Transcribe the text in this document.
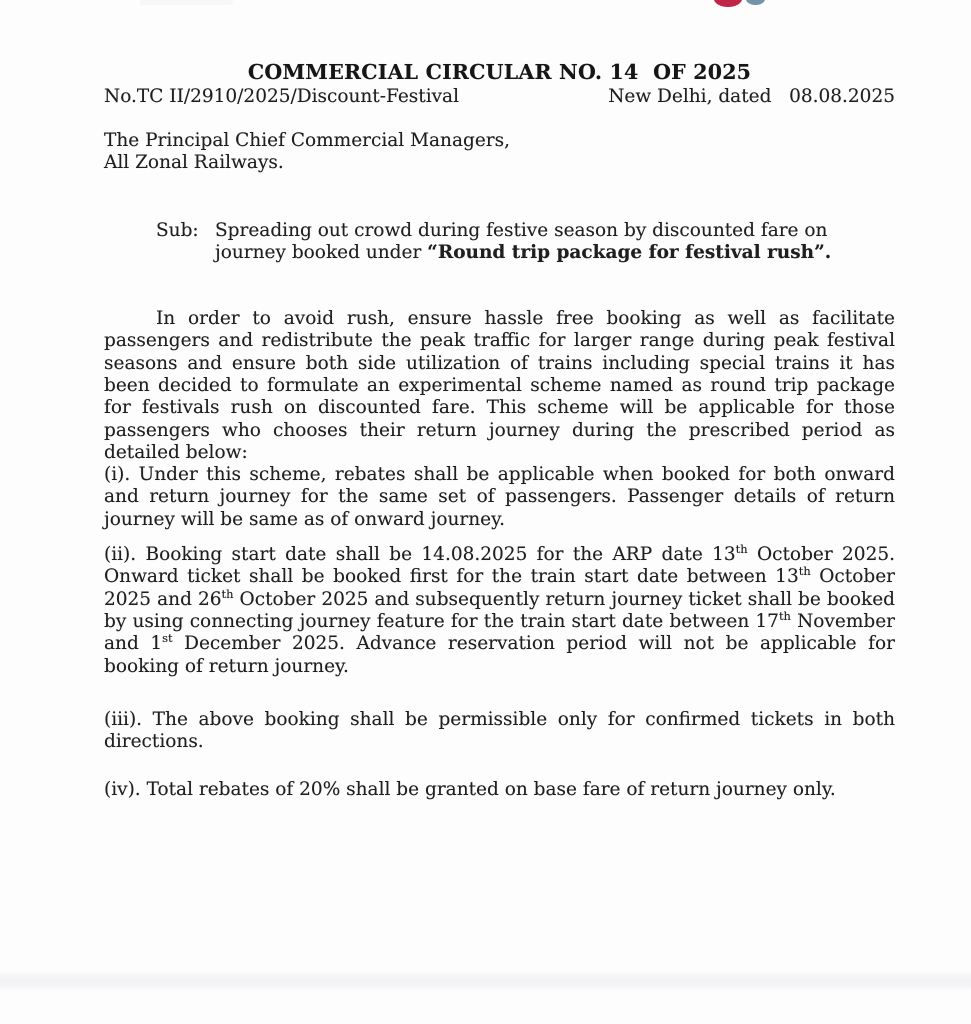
COMMERCIAL CIRCULAR NO. 14  OF 2025
No.TC II/2910/2025/Discount-Festival	New Delhi, dated   08.08.2025
The Principal Chief Commercial Managers,
All Zonal Railways.
Sub: Spreading out crowd during festive season by discounted fare on journey booked under “Round trip package for festival rush”.

In order to avoid rush, ensure hassle free booking as well as facilitate passengers and redistribute the peak traffic for larger range during peak festival seasons and ensure both side utilization of trains including special trains it has been decided to formulate an experimental scheme named as round trip package for festivals rush on discounted fare. This scheme will be applicable for those passengers who chooses their return journey during the prescribed period as detailed below:

(i). Under this scheme, rebates shall be applicable when booked for both onward and return journey for the same set of passengers. Passenger details of return journey will be same as of onward journey.

(ii). Booking start date shall be 14.08.2025 for the ARP date 13th October 2025. Onward ticket shall be booked first for the train start date between 13th October 2025 and 26th October 2025 and subsequently return journey ticket shall be booked by using connecting journey feature for the train start date between 17th November and 1st December 2025. Advance reservation period will not be applicable for booking of return journey.

(iii). The above booking shall be permissible only for confirmed tickets in both directions.

(iv). Total rebates of 20% shall be granted on base fare of return journey only.
